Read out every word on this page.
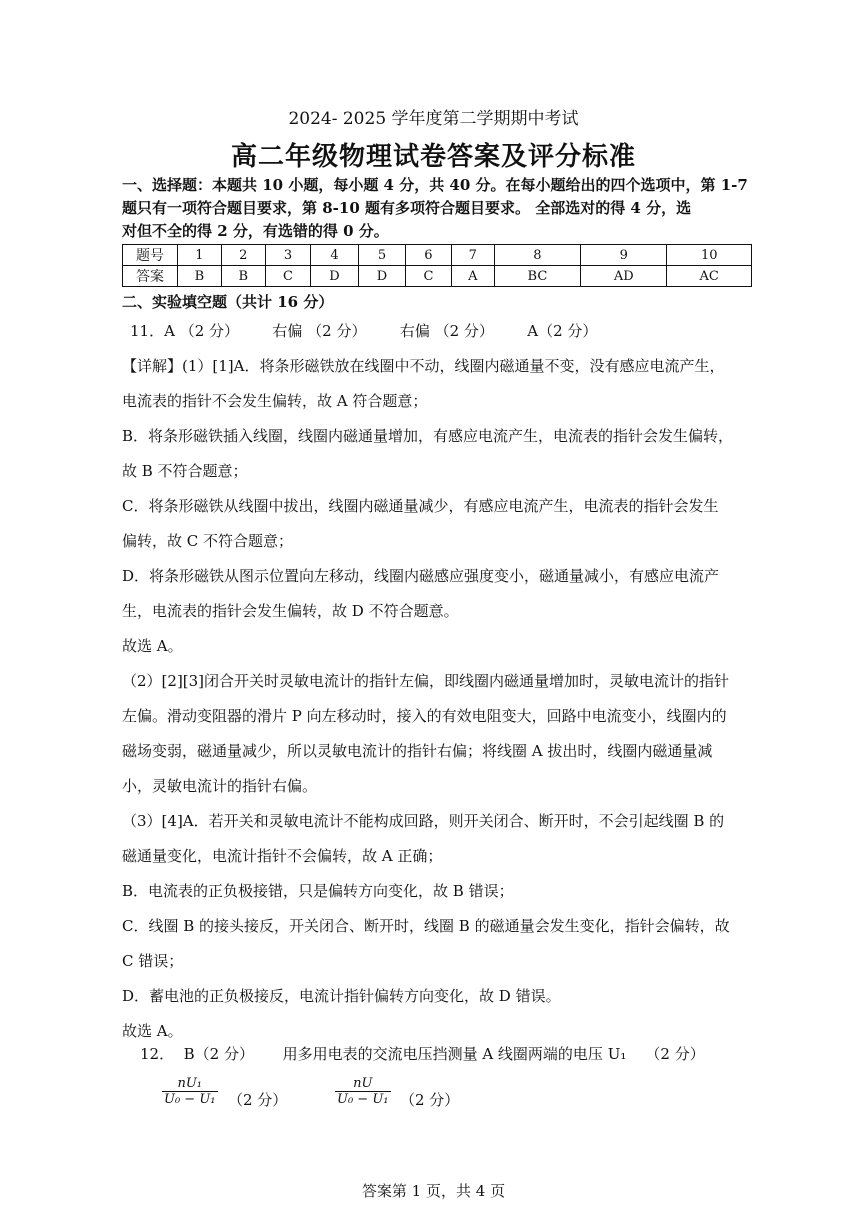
2024- 2025 学年度第二学期期中考试
高二年级物理试卷答案及评分标准
一、选择题：本题共 10 小题，每小题 4 分，共 40 分。在每小题给出的四个选项中，第 1-7
题只有一项符合题目要求，第 8-10 题有多项符合题目要求。 全部选对的得 4 分，选
对但不全的得 2 分，有选错的得 0 分。
题号	1	2	3	4	5	6	7	8	9	10
答案	B	B	C	D	D	C	A	BC	AD	AC
二、实验填空题（共计 16 分）
11．A （2 分）       右偏 （2 分）       右偏 （2 分）       A（2 分）
【详解】(1）[1]A．将条形磁铁放在线圈中不动，线圈内磁通量不变，没有感应电流产生，
电流表的指针不会发生偏转，故 A 符合题意；
B．将条形磁铁插入线圈，线圈内磁通量增加，有感应电流产生，电流表的指针会发生偏转，
故 B 不符合题意；
C．将条形磁铁从线圈中拔出，线圈内磁通量减少，有感应电流产生，电流表的指针会发生
偏转，故 C 不符合题意；
D．将条形磁铁从图示位置向左移动，线圈内磁感应强度变小，磁通量减小，有感应电流产
生，电流表的指针会发生偏转，故 D 不符合题意。
故选 A。
（2）[2][3]闭合开关时灵敏电流计的指针左偏，即线圈内磁通量增加时，灵敏电流计的指针
左偏。滑动变阻器的滑片 P 向左移动时，接入的有效电阻变大，回路中电流变小，线圈内的
磁场变弱，磁通量减少，所以灵敏电流计的指针右偏；将线圈 A 拔出时，线圈内磁通量减
小，灵敏电流计的指针右偏。
（3）[4]A．若开关和灵敏电流计不能构成回路，则开关闭合、断开时，不会引起线圈 B 的
磁通量变化，电流计指针不会偏转，故 A 正确；
B．电流表的正负极接错，只是偏转方向变化，故 B 错误；
C．线圈 B 的接头接反，开关闭合、断开时，线圈 B 的磁通量会发生变化，指针会偏转，故
C 错误；
D．蓄电池的正负极接反，电流计指针偏转方向变化，故 D 错误。
故选 A。
12．  B（2 分）      用多用电表的交流电压挡测量 A 线圈两端的电压 U₁    （2 分）
$\frac{\text{nU₁}}{\text{U₀ − U₁}} (2$ 分）	$\frac{nU}{\text{U₀ − U₁}} (2$ 分）
答案第 1 页，共 4 页
